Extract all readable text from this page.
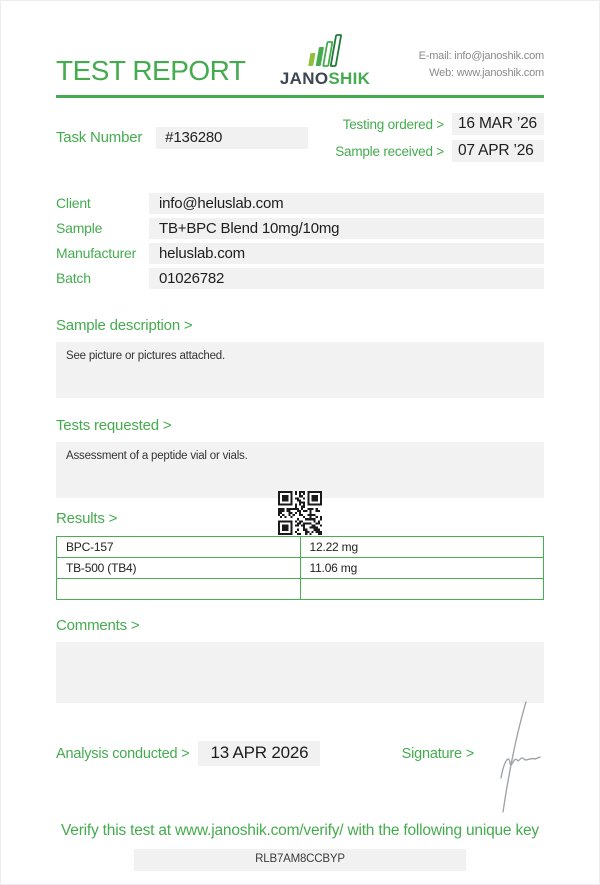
TEST REPORT JANOSHIK
E-mail: info@janoshik.com
Web: www.janoshik.com
Task Number	#136280
Testing ordered > 16 MAR ’26
Sample received > 07 APR ’26
Client	info@heluslab.com
Sample	TB+BPC Blend 10mg/10mg
Manufacturer	heluslab.com
Batch	01026782
Sample description >
See picture or pictures attached.
Tests requested >
Assessment of a peptide vial or vials.
Results >
BPC-157	12.22 mg
TB-500 (TB4)	11.06 mg

Comments >
Analysis conducted >	13 APR 2026	Signature >
Verify this test at www.janoshik.com/verify/ with the following unique key
RLB7AM8CCBYP
